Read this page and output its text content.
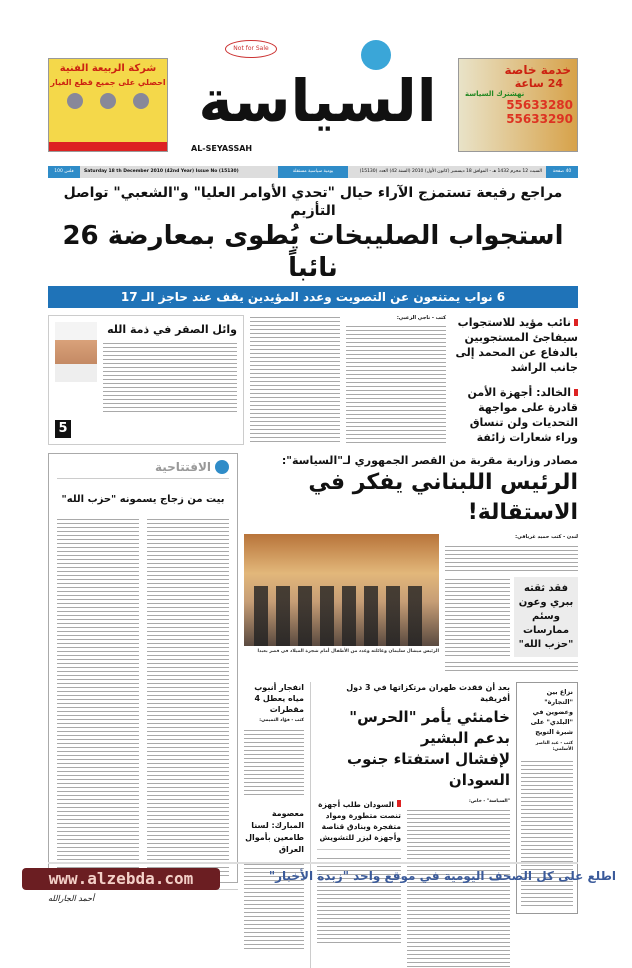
شركة الربيعة الفنية
احصلي على جميع قطع الغيار
Not for Sale
السياسة
AL-SEYASSAH
خدمة خاصة
24 ساعة
نهشترك السياسة
55633280
55633290
100 فلس	Saturday 18 th December 2010 (42nd Year) Issue No (15130)	يومية سياسية مستقلة	السبت 12 محرم 1432 هـ - الموافق 18 ديسمبر (كانون الأول) 2010 (السنة 42) العدد (15130)	40 صفحة
مراجع رفيعة تستمزج الآراء حيال "تحدي الأوامر العليا" و"الشعبي" تواصل التأزيم
استجواب الصليبخات يُطوى بمعارضة 26 نائباً
6 نواب يمتنعون عن التصويت وعدد المؤيدين يقف عند حاجز الـ 17
5
وائل الصقر في ذمة الله
كتب - ناجي الزعبي:	نائب مؤيد للاستجواب سيفاجئ المستجوبين بالدفاع عن المحمد إلى جانب الراشد
الخالد: أجهزة الأمن قادرة على مواجهة التحديات ولن تنساق وراء شعارات زائفة
الافتتاحية
بيت من زجاج يسمونه "حزب الله"
أحمد الجارالله
مصادر وزارية مقربة من القصر الجمهوري لـ"السياسة":
الرئيس اللبناني يفكر في الاستقالة!
الرئيس ميشال سليمان وعائلته وعدد من الأطفال أمام شجرة الميلاد في قصر بعبدا
لندن - كتب حميد غريافي:
فقد ثقته ببري وعون وسئم ممارسات "حزب الله"
انفجار أنبوب مياه يعطل 4 مقطرات
كتب - فؤاد التميمي:
معصومة المبارك: لسنا طامعين بأموال العراق
بعد أن فقدت طهران مرتكزاتها في 3 دول أفريقية
خامنئي يأمر "الحرس" بدعم البشير
لإفشال استفتاء جنوب السودان
السودان طلب أجهزة تنصت متطورة ومواد متفجرة وبنادق قناصة وأجهزة ليزر للتشويش
"السياسة" - خاص:
نزاع بين "التجارة" وعضوين في "البلدي" على شبرة التويج
كتب - عبد الناصر الأسلمي:
www.alzebda.com	اطلع على كل الصحف اليومية في موقع واحد "زبدة الأخبار"
